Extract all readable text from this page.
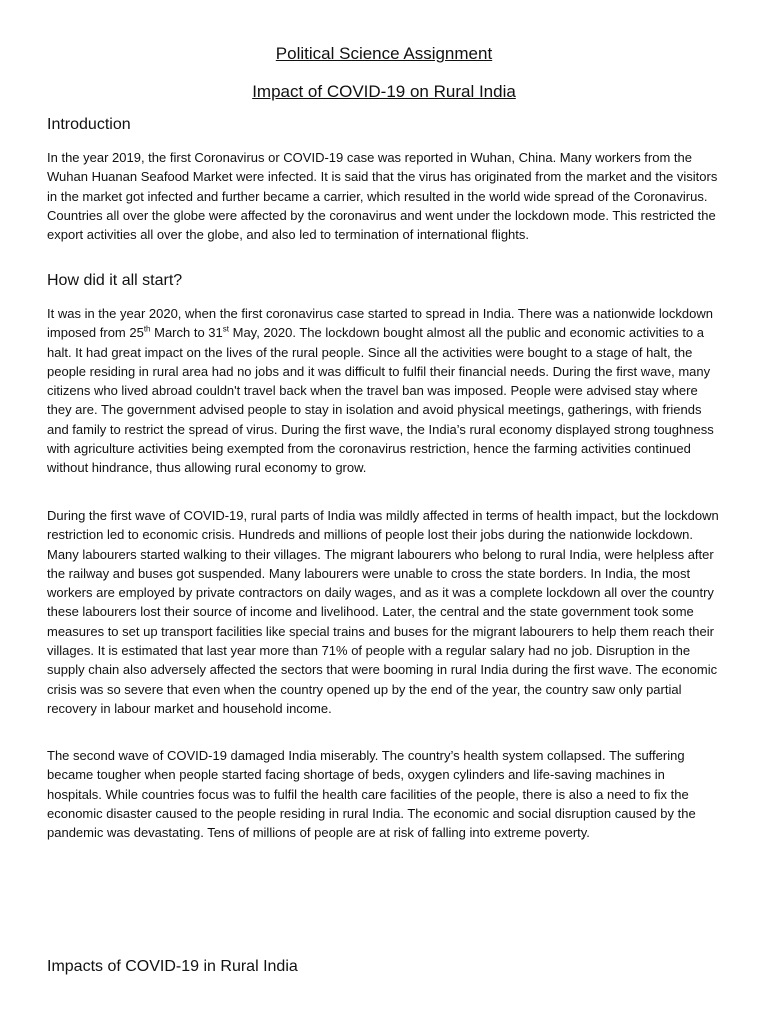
Political Science Assignment
Impact of COVID-19 on Rural India
Introduction

In the year 2019, the first Coronavirus or COVID-19 case was reported in Wuhan, China. Many workers from the Wuhan Huanan Seafood Market were infected. It is said that the virus has originated from the market and the visitors in the market got infected and further became a carrier, which resulted in the world wide spread of the Coronavirus. Countries all over the globe were affected by the coronavirus and went under the lockdown mode. This restricted the export activities all over the globe, and also led to termination of international flights.

How did it all start?

It was in the year 2020, when the first coronavirus case started to spread in India. There was a nationwide lockdown imposed from 25th March to 31st May, 2020. The lockdown bought almost all the public and economic activities to a halt. It had great impact on the lives of the rural people. Since all the activities were bought to a stage of halt, the people residing in rural area had no jobs and it was difficult to fulfil their financial needs. During the first wave, many citizens who lived abroad couldn't travel back when the travel ban was imposed. People were advised stay where they are. The government advised people to stay in isolation and avoid physical meetings, gatherings, with friends and family to restrict the spread of virus. During the first wave, the India’s rural economy displayed strong toughness with agriculture activities being exempted from the coronavirus restriction, hence the farming activities continued without hindrance, thus allowing rural economy to grow.

During the first wave of COVID-19, rural parts of India was mildly affected in terms of health impact, but the lockdown restriction led to economic crisis. Hundreds and millions of people lost their jobs during the nationwide lockdown. Many labourers started walking to their villages. The migrant labourers who belong to rural India, were helpless after the railway and buses got suspended. Many labourers were unable to cross the state borders. In India, the most workers are employed by private contractors on daily wages, and as it was a complete lockdown all over the country these labourers lost their source of income and livelihood. Later, the central and the state government took some measures to set up transport facilities like special trains and buses for the migrant labourers to help them reach their villages. It is estimated that last year more than 71% of people with a regular salary had no job. Disruption in the supply chain also adversely affected the sectors that were booming in rural India during the first wave. The economic crisis was so severe that even when the country opened up by the end of the year, the country saw only partial recovery in labour market and household income.

The second wave of COVID-19 damaged India miserably. The country’s health system collapsed. The suffering became tougher when people started facing shortage of beds, oxygen cylinders and life-saving machines in hospitals. While countries focus was to fulfil the health care facilities of the people, there is also a need to fix the economic disaster caused to the people residing in rural India. The economic and social disruption caused by the pandemic was devastating. Tens of millions of people are at risk of falling into extreme poverty.

Impacts of COVID-19 in Rural India
